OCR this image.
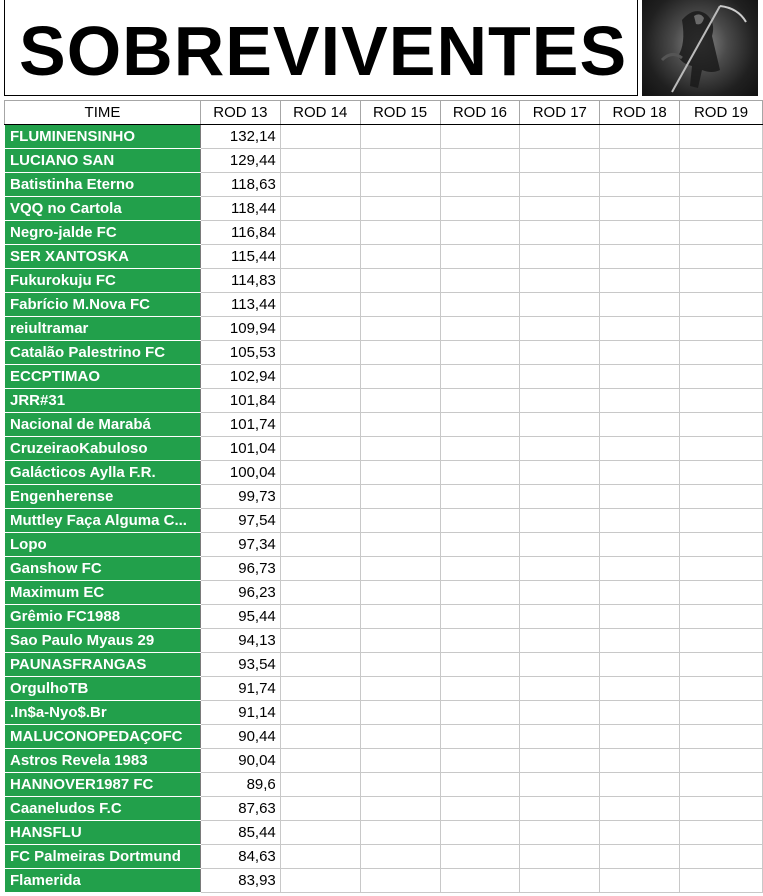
SOBREVIVENTES
TIME	ROD 13	ROD 14	ROD 15	ROD 16	ROD 17	ROD 18	ROD 19
FLUMINENSINHO	132,14						
LUCIANO SAN	129,44						
Batistinha Eterno	118,63						
VQQ no Cartola	118,44						
Negro-jalde FC	116,84						
SER XANTOSKA	115,44						
Fukurokuju FC	114,83						
Fabrício M.Nova FC	113,44						
reiultramar	109,94						
Catalão Palestrino FC	105,53						
ECCPTIMAO	102,94						
JRR#31	101,84						
Nacional de Marabá	101,74						
CruzeiraoKabuloso	101,04						
Galácticos Aylla F.R.	100,04						
Engenherense	99,73						
Muttley Faça Alguma C...	97,54						
Lopo	97,34						
Ganshow FC	96,73						
Maximum EC	96,23						
Grêmio FC1988	95,44						
Sao Paulo Myaus 29	94,13						
PAUNASFRANGAS	93,54						
OrgulhoTB	91,74						
.In$a-Nyo$.Br	91,14						
MALUCONOPEDAÇOFC	90,44						
Astros Revela 1983	90,04						
HANNOVER1987 FC	89,6						
Caaneludos F.C	87,63						
HANSFLU	85,44						
FC Palmeiras Dortmund	84,63						
Flamerida	83,93						
